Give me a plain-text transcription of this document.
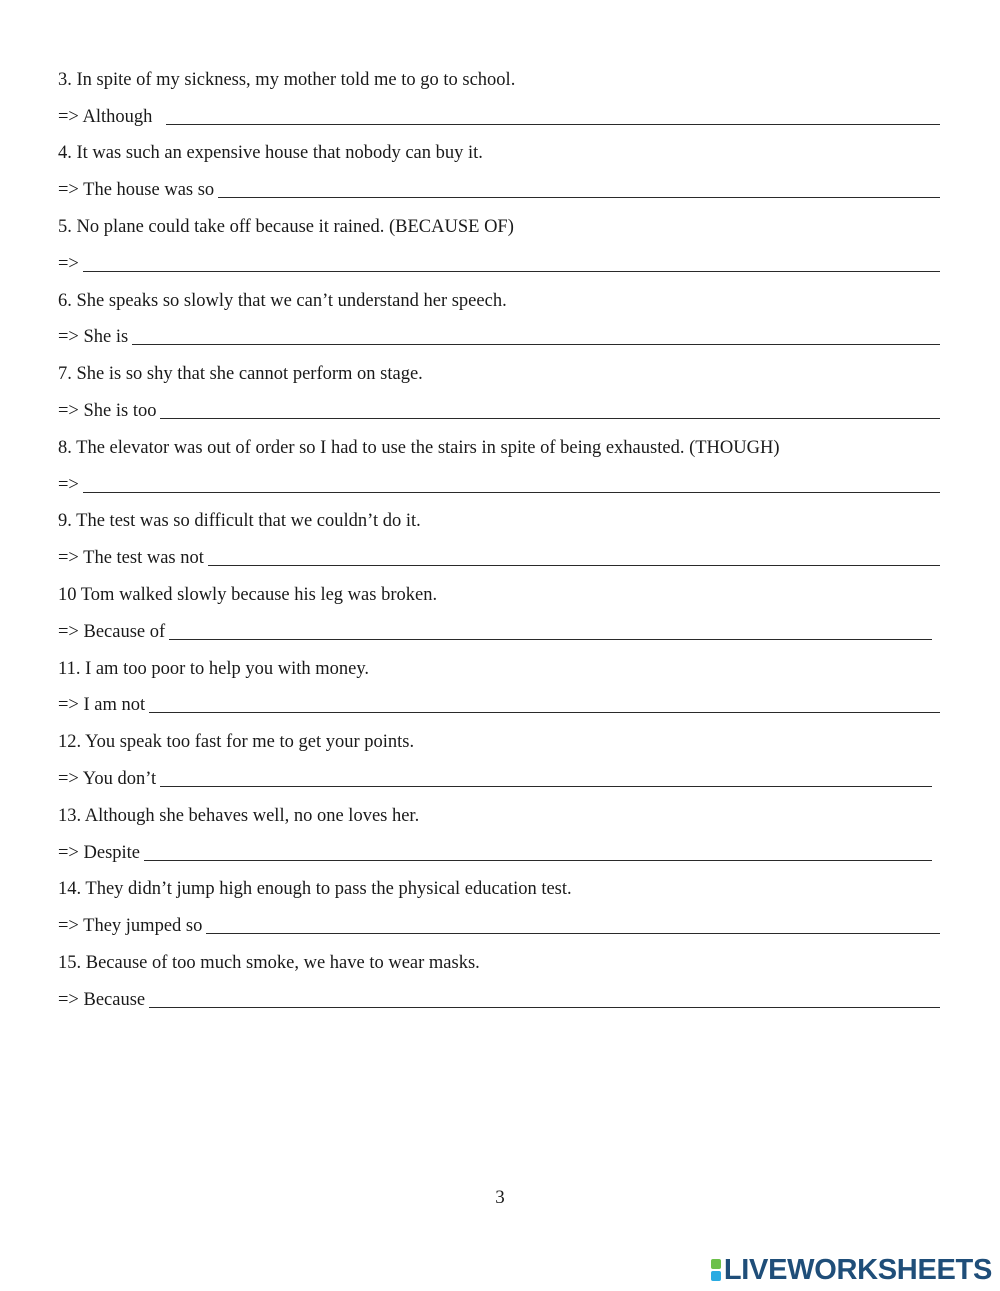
3. In spite of my sickness, my mother told me to go to school.
=> Although
4. It was such an expensive house that nobody can buy it.
=> The house was so
5. No plane could take off because it rained. (BECAUSE OF)
=>
6. She speaks so slowly that we can’t understand her speech.
=> She is
7. She is so shy that she cannot perform on stage.
=> She is too
8. The elevator was out of order so I had to use the stairs in spite of being exhausted. (THOUGH)
=>
9. The test was so difficult that we couldn’t do it.
=> The test was not
10 Tom walked slowly because his leg was broken.
=> Because of
11. I am too poor to help you with money.
=> I am not
12. You speak too fast for me to get your points.
=> You don’t
13. Although she behaves well, no one loves her.
=> Despite
14. They didn’t jump high enough to pass the physical education test.
=> They jumped so
15. Because of too much smoke, we have to wear masks.
=> Because
3
LIVEWORKSHEETS
